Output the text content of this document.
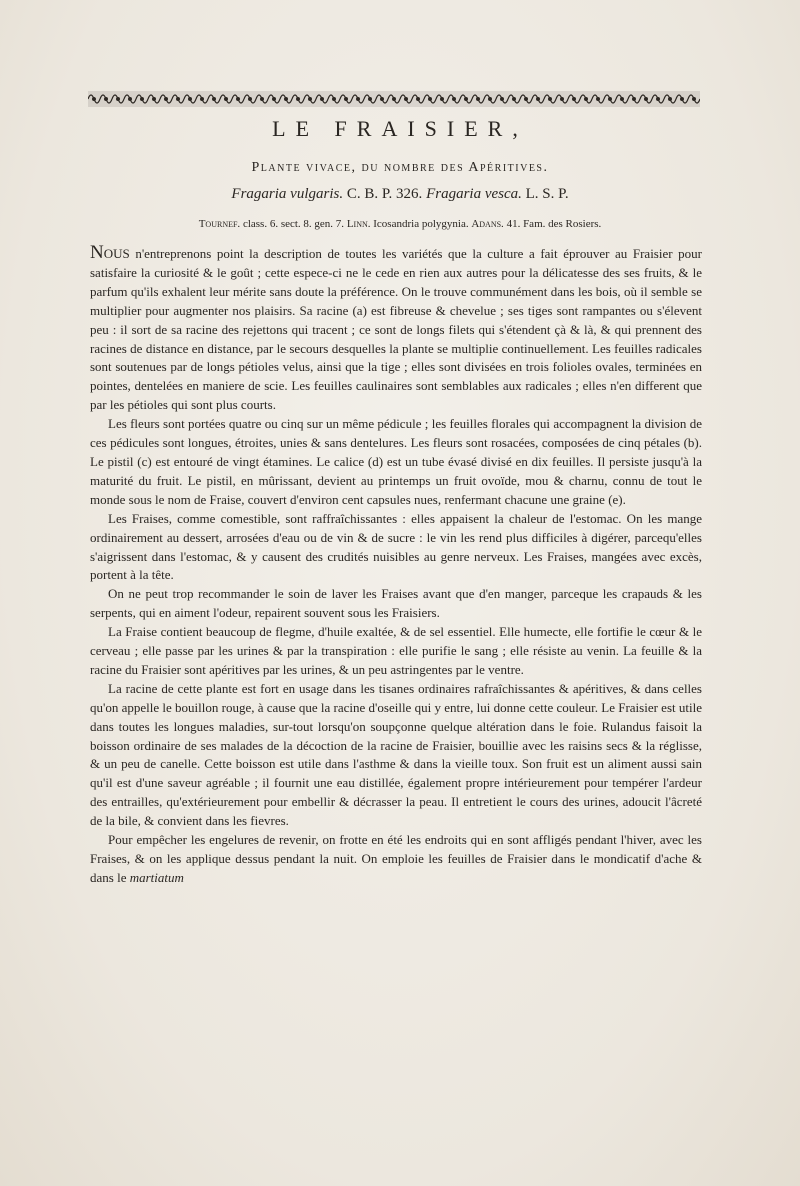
LE FRAISIER,
Plante vivace, du nombre des Apéritives.

Fragaria vulgaris. C. B. P. 326. Fragaria vesca. L. S. P.

Tournef. class. 6. sect. 8. gen. 7. Linn. Icosandria polygynia. Adans. 41. Fam. des Rosiers.

Nous n'entreprenons point la description de toutes les variétés que la culture a fait éprouver au Fraisier pour satisfaire la curiosité & le goût ; cette espece-ci ne le cede en rien aux autres pour la délicatesse des ses fruits, & le parfum qu'ils exhalent leur mérite sans doute la préférence. On le trouve communément dans les bois, où il semble se multiplier pour augmenter nos plaisirs. Sa racine (a) est fibreuse & chevelue ; ses tiges sont rampantes ou s'élevent peu : il sort de sa racine des rejettons qui tracent ; ce sont de longs filets qui s'étendent çà & là, & qui prennent des racines de distance en distance, par le secours desquelles la plante se multiplie continuellement. Les feuilles radicales sont soutenues par de longs pétioles velus, ainsi que la tige ; elles sont divisées en trois folioles ovales, terminées en pointes, dentelées en maniere de scie. Les feuilles caulinaires sont semblables aux radicales ; elles n'en different que par les pétioles qui sont plus courts.

Les fleurs sont portées quatre ou cinq sur un même pédicule ; les feuilles florales qui accompagnent la division de ces pédicules sont longues, étroites, unies & sans dentelures. Les fleurs sont rosacées, composées de cinq pétales (b). Le pistil (c) est entouré de vingt étamines. Le calice (d) est un tube évasé divisé en dix feuilles. Il persiste jusqu'à la maturité du fruit. Le pistil, en mûrissant, devient au printemps un fruit ovoïde, mou & charnu, connu de tout le monde sous le nom de Fraise, couvert d'environ cent capsules nues, renfermant chacune une graine (e).

Les Fraises, comme comestible, sont raffraîchissantes : elles appaisent la chaleur de l'estomac. On les mange ordinairement au dessert, arrosées d'eau ou de vin & de sucre : le vin les rend plus difficiles à digérer, parcequ'elles s'aigrissent dans l'estomac, & y causent des crudités nuisibles au genre nerveux. Les Fraises, mangées avec excès, portent à la tête.

On ne peut trop recommander le soin de laver les Fraises avant que d'en manger, parceque les crapauds & les serpents, qui en aiment l'odeur, repairent souvent sous les Fraisiers.

La Fraise contient beaucoup de flegme, d'huile exaltée, & de sel essentiel. Elle humecte, elle fortifie le cœur & le cerveau ; elle passe par les urines & par la transpiration : elle purifie le sang ; elle résiste au venin. La feuille & la racine du Fraisier sont apéritives par les urines, & un peu astringentes par le ventre.

La racine de cette plante est fort en usage dans les tisanes ordinaires rafraîchissantes & apéritives, & dans celles qu'on appelle le bouillon rouge, à cause que la racine d'oseille qui y entre, lui donne cette couleur. Le Fraisier est utile dans toutes les longues maladies, sur-tout lorsqu'on soupçonne quelque altération dans le foie. Rulandus faisoit la boisson ordinaire de ses malades de la décoction de la racine de Fraisier, bouillie avec les raisins secs & la réglisse, & un peu de canelle. Cette boisson est utile dans l'asthme & dans la vieille toux. Son fruit est un aliment aussi sain qu'il est d'une saveur agréable ; il fournit une eau distillée, également propre intérieurement pour tempérer l'ardeur des entrailles, qu'extérieurement pour embellir & décrasser la peau. Il entretient le cours des urines, adoucit l'âcreté de la bile, & convient dans les fievres.

Pour empêcher les engelures de revenir, on frotte en été les endroits qui en sont affligés pendant l'hiver, avec les Fraises, & on les applique dessus pendant la nuit. On emploie les feuilles de Fraisier dans le mondicatif d'ache & dans le martiatum
